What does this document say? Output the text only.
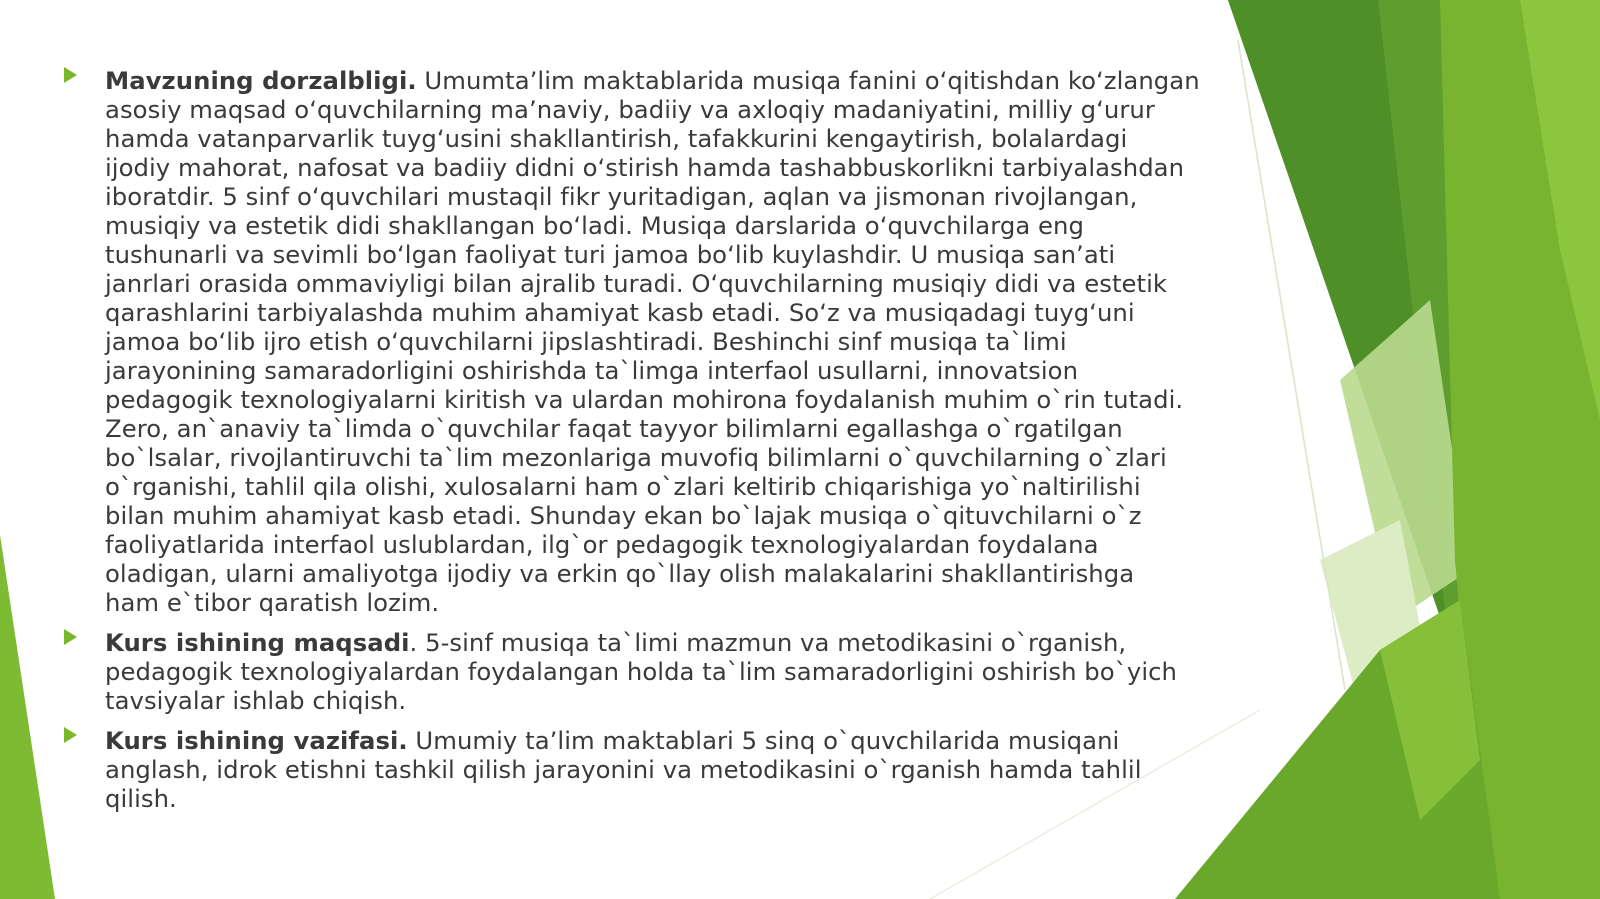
Mavzuning dorzalbligi. Umumta’lim maktablarida musiqa fanini o‘qitishdan ko‘zlangan
asosiy maqsad o‘quvchilarning ma’naviy, badiiy va axloqiy madaniyatini, milliy g‘urur
hamda vatanparvarlik tuyg‘usini shakllantirish, tafakkurini kengaytirish, bolalardagi
ijodiy mahorat, nafosat va badiiy didni o‘stirish hamda tashabbuskorlikni tarbiyalashdan
iboratdir. 5 sinf o‘quvchilari mustaqil fikr yuritadigan, aqlan va jismonan rivojlangan,
musiqiy va estetik didi shakllangan bo‘ladi. Musiqa darslarida o‘quvchilarga eng
tushunarli va sevimli bo‘lgan faoliyat turi jamoa bo‘lib kuylashdir. U musiqa san’ati
janrlari orasida ommaviyligi bilan ajralib turadi. O‘quvchilarning musiqiy didi va estetik
qarashlarini tarbiyalashda muhim ahamiyat kasb etadi. So‘z va musiqadagi tuyg‘uni
jamoa bo‘lib ijro etish o‘quvchilarni jipslashtiradi. Beshinchi sinf musiqa ta`limi
jarayonining samaradorligini oshirishda ta`limga interfaol usullarni, innovatsion
pedagogik texnologiyalarni kiritish va ulardan mohirona foydalanish muhim o`rin tutadi.
Zero, an`anaviy ta`limda o`quvchilar faqat tayyor bilimlarni egallashga o`rgatilgan
bo`lsalar, rivojlantiruvchi ta`lim mezonlariga muvofiq bilimlarni o`quvchilarning o`zlari
o`rganishi, tahlil qila olishi, xulosalarni ham o`zlari keltirib chiqarishiga yo`naltirilishi
bilan muhim ahamiyat kasb etadi. Shunday ekan bo`lajak musiqa o`qituvchilarni o`z
faoliyatlarida interfaol uslublardan, ilg`or pedagogik texnologiyalardan foydalana
oladigan, ularni amaliyotga ijodiy va erkin qo`llay olish malakalarini shakllantirishga
ham e`tibor qaratish lozim.

Kurs ishining maqsadi. 5-sinf musiqa ta`limi mazmun va metodikasini o`rganish,
pedagogik texnologiyalardan foydalangan holda ta`lim samaradorligini oshirish bo`yich
tavsiyalar ishlab chiqish.

Kurs ishining vazifasi. Umumiy ta’lim maktablari 5 sinq o`quvchilarida musiqani
anglash, idrok etishni tashkil qilish jarayonini va metodikasini o`rganish hamda tahlil
qilish.
